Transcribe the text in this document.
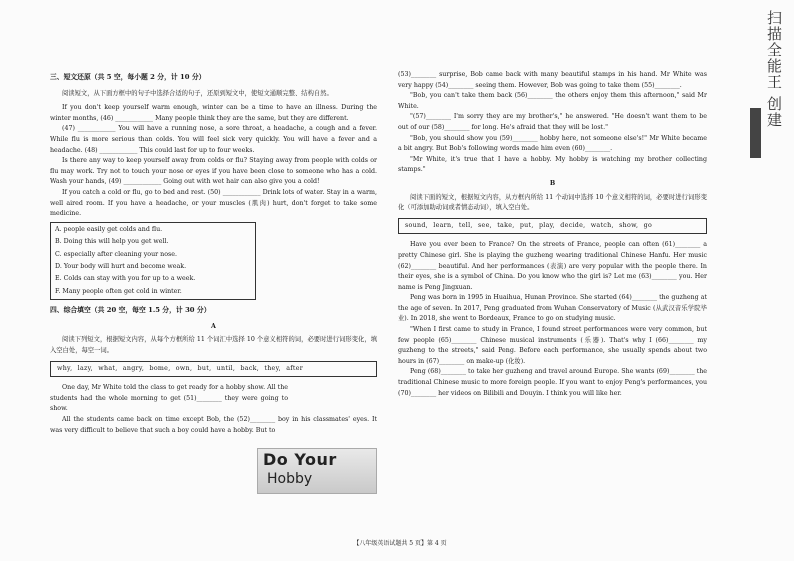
三、短文还原（共 5 空，每小题 2 分，计 10 分）

阅读短文，从下面方框中的句子中选择合适的句子，还原到短文中，使短文通顺完整、结构自然。

If you don't keep yourself warm enough, winter can be a time to have an illness. During the winter months, (46) ____________ Many people think they are the same, but they are different.

(47) ____________ You will have a running nose, a sore throat, a headache, a cough and a fever. While flu is more serious than colds. You will feel sick very quickly. You will have a fever and a headache. (48) ____________ This could last for up to four weeks.

Is there any way to keep yourself away from colds or flu? Staying away from people with colds or flu may work. Try not to touch your nose or eyes if you have been close to someone who has a cold. Wash your hands, (49) ____________ Going out with wet hair can also give you a cold!

If you catch a cold or flu, go to bed and rest. (50) ____________ Drink lots of water. Stay in a warm, well aired room. If you have a headache, or your muscles (肌肉) hurt, don't forget to take some medicine.

A. people easily get colds and flu.
B. Doing this will help you get well.
C. especially after cleaning your nose.
D. Your body will hurt and become weak.
E. Colds can stay with you for up to a week.
F. Many people often get cold in winter.
四、综合填空（共 20 空，每空 1.5 分，计 30 分）
A

阅读下列短文，根据短文内容，从每个方框所给 11 个词汇中选择 10 个意义相符的词，必要时进行词形变化，填入空白处，每空一词。

why, lazy, what, angry, bome, own, but, until, back, they, after

One day, Mr White told the class to get ready for a hobby show. All the students had the whole morning to get (51)________ they were going to show.

All the students came back on time except Bob, the (52)________ boy in his classmates' eyes. It was very difficult to believe that such a boy could have a hobby. But to

Do Your
Hobby

(53)________ surprise, Bob came back with many beautiful stamps in his hand. Mr White was very happy (54)________ seeing them. However, Bob was going to take them (55)________.

"Bob, you can't take them back (56)________ the others enjoy them this afternoon," said Mr White.

"(57)________ I'm sorry they are my brother's," he answered. "He doesn't want them to be out of our (58)________ for long. He's afraid that they will be lost."

"Bob, you should show you (59)________ hobby here, not someone else's!" Mr White became a bit angry. But Bob's following words made him even (60)________.

"Mr White, it's true that I have a hobby. My hobby is watching my brother collecting stamps."

B

阅读下面的短文，根据短文内容，从方框内所给 11 个动词中选择 10 个意义相符的词，必要时进行词形变化（可添加助动词或者情态动词），填入空白处。

sound, learn, tell, see, take, put, play, decide, watch, show, go

Have you ever been to France? On the streets of France, people can often (61)________ a pretty Chinese girl. She is playing the guzheng wearing traditional Chinese Hanfu. Her music (62)________ beautiful. And her performances (表演) are very popular with the people there. In their eyes, she is a symbol of China. Do you know who the girl is? Let me (63)________ you. Her name is Peng Jingxuan.

Peng was born in 1995 in Huaihua, Hunan Province. She started (64)________ the guzheng at the age of seven. In 2017, Peng graduated from Wuhan Conservatory of Music (从武汉音乐学院毕业). In 2018, she went to Bordeaux, France to go on studying music.

"When I first came to study in France, I found street performances were very common, but few people (65)________ Chinese musical instruments (乐器). That's why I (66)________ my guzheng to the streets," said Peng. Before each performance, she usually spends about two hours in (67)________ on make-up (化妆).

Peng (68)________ to take her guzheng and travel around Europe. She wants (69)________ the traditional Chinese music to more foreign people. If you want to enjoy Peng's performances, you (70)________ her videos on Bilibili and Douyin. I think you will like her.

【八年级英语试题共 5 页】第 4 页
扫描全能王 创建
